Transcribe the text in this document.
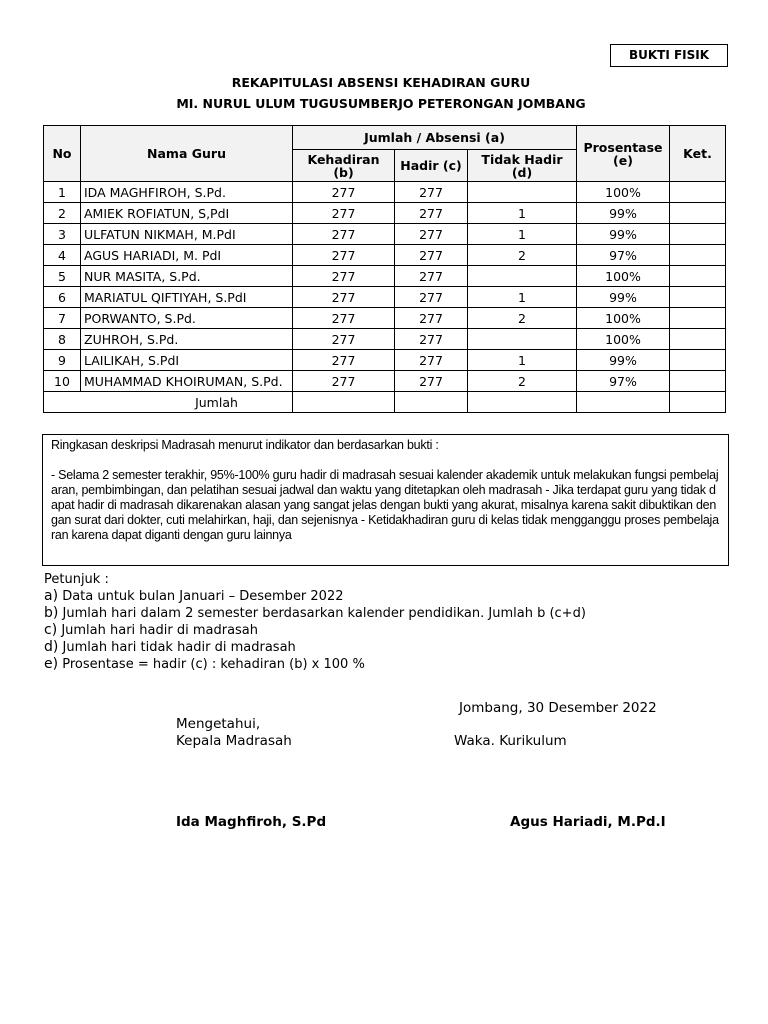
BUKTI FISIK
REKAPITULASI ABSENSI KEHADIRAN GURU
MI. NURUL ULUM TUGUSUMBERJO PETERONGAN JOMBANG
No	Nama Guru	Jumlah / Absensi (a)			Prosentase (e)	Ket.
		Kehadiran (b)	Hadir (c)	Tidak Hadir (d)		
1	IDA MAGHFIROH, S.Pd.	277	277		100%	
2	AMIEK ROFIATUN, S,PdI	277	277	1	99%	
3	ULFATUN NIKMAH, M.PdI	277	277	1	99%	
4	AGUS HARIADI, M. PdI	277	277	2	97%	
5	NUR MASITA, S.Pd.	277	277		100%	
6	MARIATUL QIFTIYAH, S.PdI	277	277	1	99%	
7	PORWANTO, S.Pd.	277	277	2	100%	
8	ZUHROH, S.Pd.	277	277		100%	
9	LAILIKAH, S.PdI	277	277	1	99%	
10	MUHAMMAD KHOIRUMAN, S.Pd.	277	277	2	97%	
Jumlah						

Ringkasan deskripsi Madrasah menurut indikator dan berdasarkan bukti :

- Selama 2 semester terakhir, 95%-100% guru hadir di madrasah sesuai kalender akademik untuk melakukan fungsi pembelajaran, pembimbingan, dan pelatihan sesuai jadwal dan waktu yang ditetapkan oleh madrasah - Jika terdapat guru yang tidak dapat hadir di madrasah dikarenakan alasan yang sangat jelas dengan bukti yang akurat, misalnya karena sakit dibuktikan dengan surat dari dokter, cuti melahirkan, haji, dan sejenisnya - Ketidakhadiran guru di kelas tidak mengganggu proses pembelajaran karena dapat diganti dengan guru lainnya

Petunjuk :
a) Data untuk bulan Januari – Desember 2022
b) Jumlah hari dalam 2 semester berdasarkan kalender pendidikan. Jumlah b (c+d)
c) Jumlah hari hadir di madrasah
d) Jumlah hari tidak hadir di madrasah
e) Prosentase = hadir (c) : kehadiran (b) x 100 %
Jombang, 30 Desember 2022
Mengetahui,
Kepala Madrasah	Waka. Kurikulum
Ida Maghfiroh, S.Pd	Agus Hariadi, M.Pd.I
